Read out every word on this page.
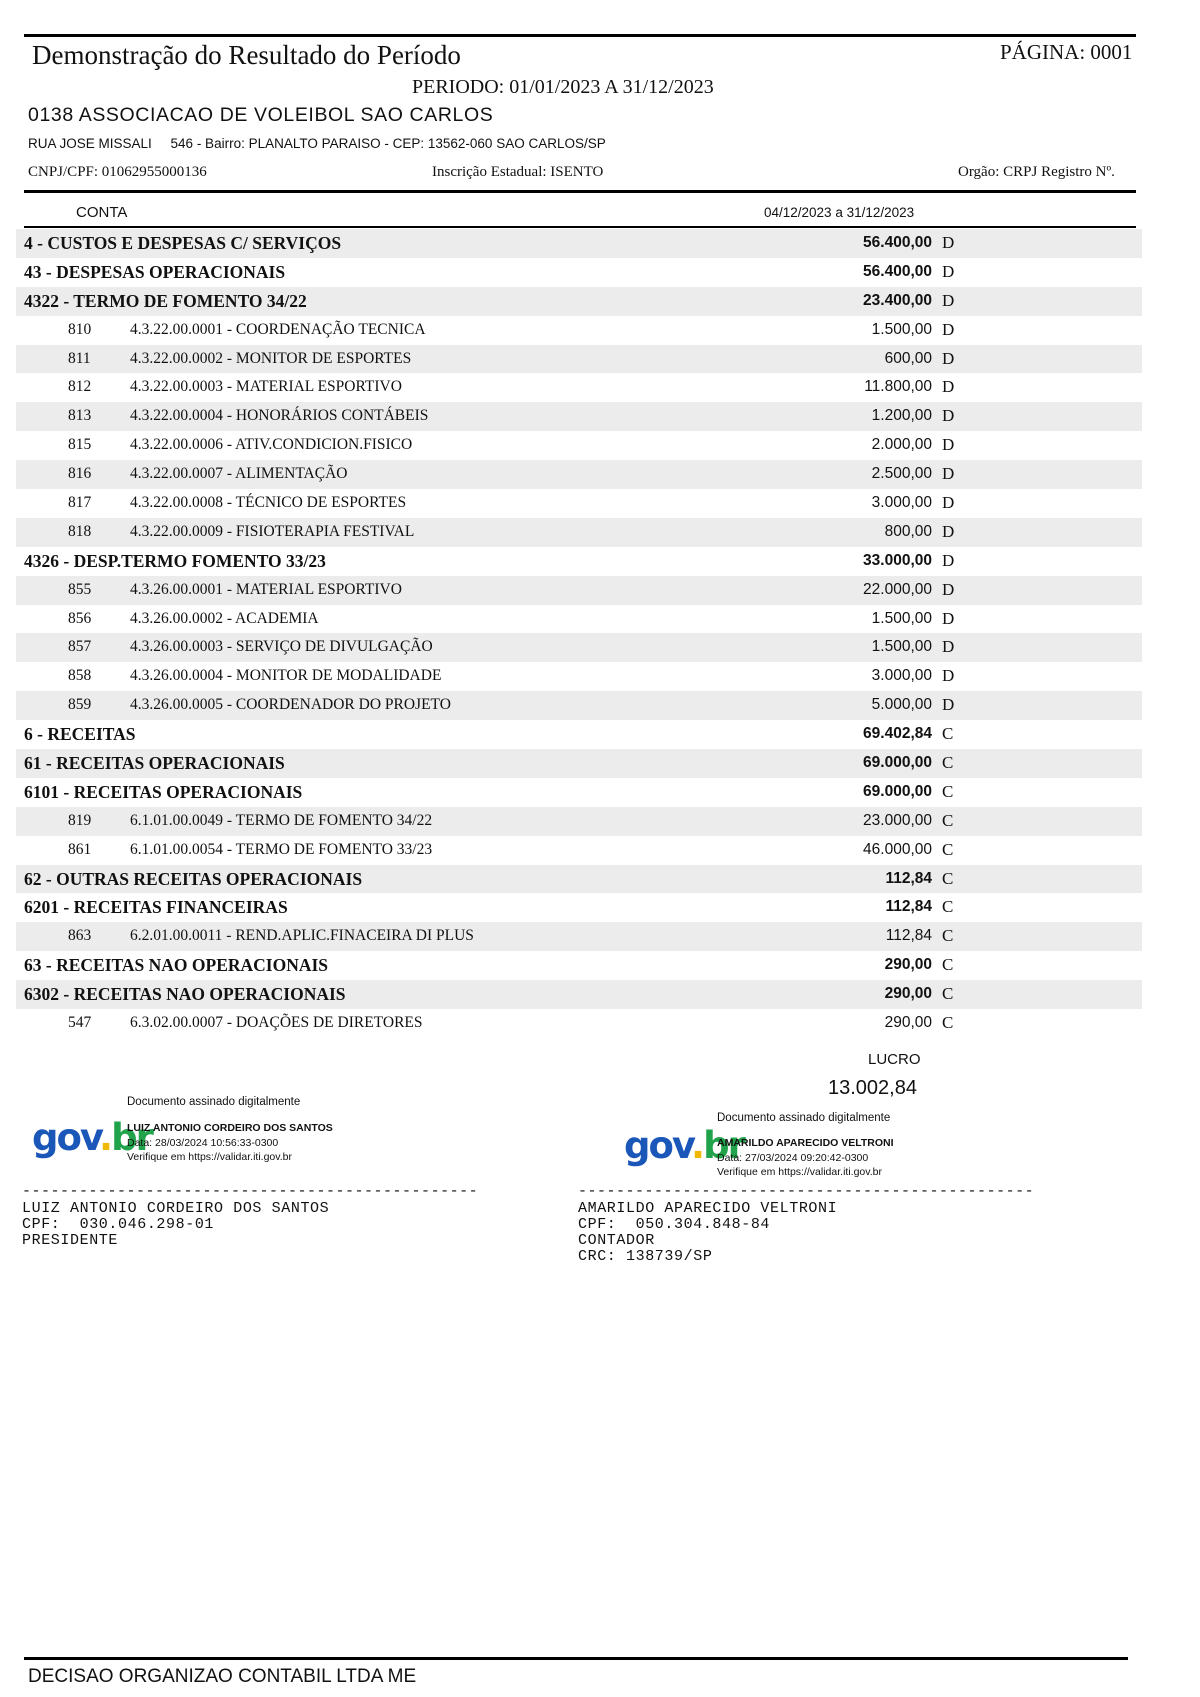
Demonstração do Resultado do Período	PÁGINA: 0001
PERIODO: 01/01/2023 A 31/12/2023
0138 ASSOCIACAO DE VOLEIBOL SAO CARLOS
RUA JOSE MISSALI     546 - Bairro: PLANALTO PARAISO - CEP: 13562-060 SAO CARLOS/SP
CNPJ/CPF: 01062955000136	Inscrição Estadual: ISENTO	Orgão: CRPJ Registro Nº.
CONTA	04/12/2023 a 31/12/2023
4 - CUSTOS E DESPESAS C/ SERVIÇOS	56.400,00 D
43 - DESPESAS OPERACIONAIS	56.400,00 D
4322 - TERMO DE FOMENTO 34/22	23.400,00 D
810	4.3.22.00.0001 - COORDENAÇÃO TECNICA	1.500,00 D
811	4.3.22.00.0002 - MONITOR DE ESPORTES	600,00 D
812	4.3.22.00.0003 - MATERIAL ESPORTIVO	11.800,00 D
813	4.3.22.00.0004 - HONORÁRIOS CONTÁBEIS	1.200,00 D
815	4.3.22.00.0006 - ATIV.CONDICION.FISICO	2.000,00 D
816	4.3.22.00.0007 - ALIMENTAÇÃO	2.500,00 D
817	4.3.22.00.0008 - TÉCNICO DE ESPORTES	3.000,00 D
818	4.3.22.00.0009 - FISIOTERAPIA FESTIVAL	800,00 D
4326 - DESP.TERMO FOMENTO 33/23	33.000,00 D
855	4.3.26.00.0001 - MATERIAL ESPORTIVO	22.000,00 D
856	4.3.26.00.0002 - ACADEMIA	1.500,00 D
857	4.3.26.00.0003 - SERVIÇO DE DIVULGAÇÃO	1.500,00 D
858	4.3.26.00.0004 - MONITOR DE MODALIDADE	3.000,00 D
859	4.3.26.00.0005 - COORDENADOR DO PROJETO	5.000,00 D
6 - RECEITAS	69.402,84 C
61 - RECEITAS OPERACIONAIS	69.000,00 C
6101 - RECEITAS OPERACIONAIS	69.000,00 C
819	6.1.01.00.0049 - TERMO DE FOMENTO 34/22	23.000,00 C
861	6.1.01.00.0054 - TERMO DE FOMENTO 33/23	46.000,00 C
62 - OUTRAS RECEITAS OPERACIONAIS	112,84 C
6201 - RECEITAS FINANCEIRAS	112,84 C
863	6.2.01.00.0011 - REND.APLIC.FINACEIRA DI PLUS	112,84 C
63 - RECEITAS NAO OPERACIONAIS	290,00 C
6302 - RECEITAS NAO OPERACIONAIS	290,00 C
547	6.3.02.00.0007 - DOAÇÕES DE DIRETORES	290,00 C
LUCRO
13.002,84
gov.br
Documento assinado digitalmente
LUIZ ANTONIO CORDEIRO DOS SANTOS
Data: 28/03/2024 10:56:33-0300
Verifique em https://validar.iti.gov.br	gov.br
Documento assinado digitalmente
AMARILDO APARECIDO VELTRONI
Data: 27/03/2024 09:20:42-0300
Verifique em https://validar.iti.gov.br
------------------------------------------------
LUIZ ANTONIO CORDEIRO DOS SANTOS
CPF:  030.046.298-01
PRESIDENTE
------------------------------------------------
AMARILDO APARECIDO VELTRONI
CPF:  050.304.848-84
CONTADOR
CRC: 138739/SP
DECISAO ORGANIZAO CONTABIL LTDA ME
